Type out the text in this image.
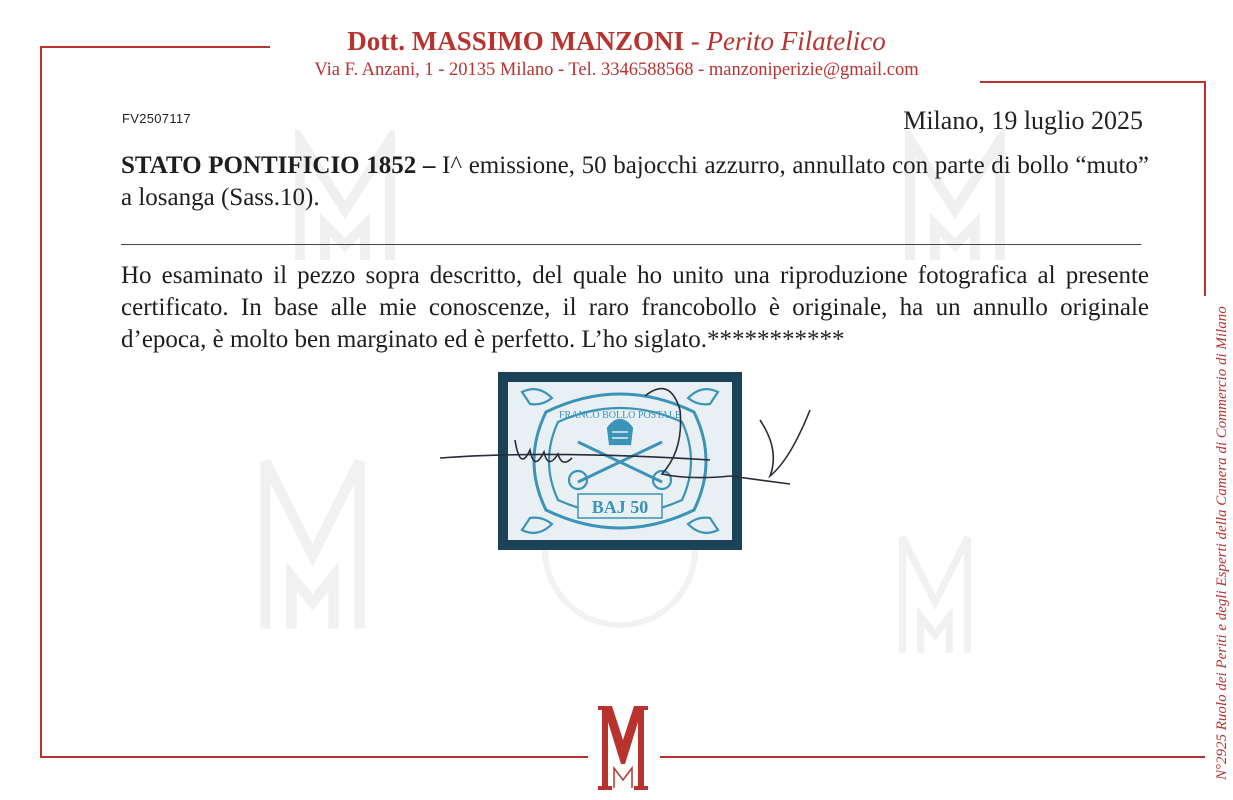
Dott. MASSIMO MANZONI - Perito Filatelico
Via F. Anzani, 1 - 20135 Milano - Tel. 3346588568 - manzoniperizie@gmail.com
FV2507117	Milano, 19 luglio 2025
STATO PONTIFICIO 1852 – I^ emissione, 50 bajocchi azzurro, annullato con parte di bollo “muto” a losanga (Sass.10).
Ho esaminato il pezzo sopra descritto, del quale ho unito una riproduzione fotografica al presente certificato. In base alle mie conoscenze, il raro francobollo è originale, ha un annullo originale d’epoca, è molto ben marginato ed è perfetto. L’ho siglato.***********	N°2925 Ruolo dei Periti e degli Esperti della Camera di Commercio di Milano
FRANCO BOLLO POSTALE
BAJ 50
